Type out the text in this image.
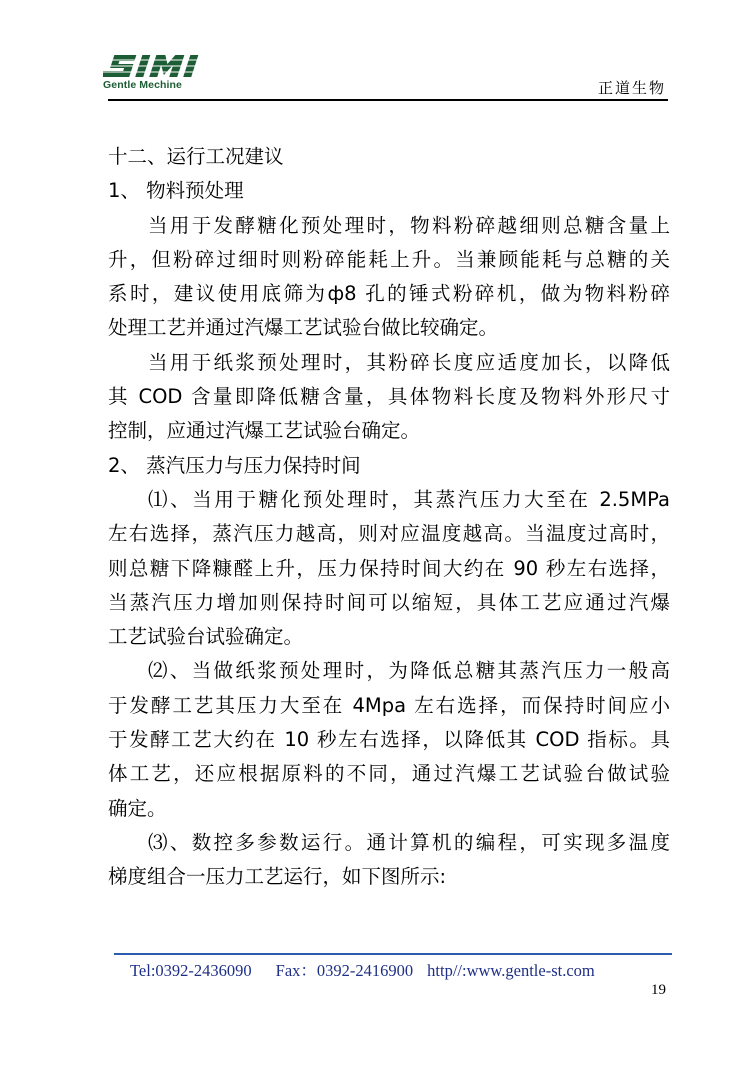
Gentle Mechine	正道生物
十二、运行工况建议
1、 物料预处理
当用于发酵糖化预处理时，物料粉碎越细则总糖含量上
升，但粉碎过细时则粉碎能耗上升。当兼顾能耗与总糖的关
系时，建议使用底筛为ф8 孔的锤式粉碎机，做为物料粉碎
处理工艺并通过汽爆工艺试验台做比较确定。
当用于纸浆预处理时，其粉碎长度应适度加长，以降低
其 COD 含量即降低糖含量，具体物料长度及物料外形尺寸
控制，应通过汽爆工艺试验台确定。
2、 蒸汽压力与压力保持时间
⑴、当用于糖化预处理时，其蒸汽压力大至在 2.5MPa
左右选择，蒸汽压力越高，则对应温度越高。当温度过高时，
则总糖下降糠醛上升，压力保持时间大约在 90 秒左右选择，
当蒸汽压力增加则保持时间可以缩短，具体工艺应通过汽爆
工艺试验台试验确定。
⑵、当做纸浆预处理时，为降低总糖其蒸汽压力一般高
于发酵工艺其压力大至在 4Mpa 左右选择，而保持时间应小
于发酵工艺大约在 10 秒左右选择，以降低其 COD 指标。具
体工艺，还应根据原料的不同，通过汽爆工艺试验台做试验
确定。
⑶、数控多参数运行。通计算机的编程，可实现多温度
梯度组合一压力工艺运行，如下图所示:
Tel:0392-2436090 Fax：0392-2416900 http//:www.gentle-st.com
19
